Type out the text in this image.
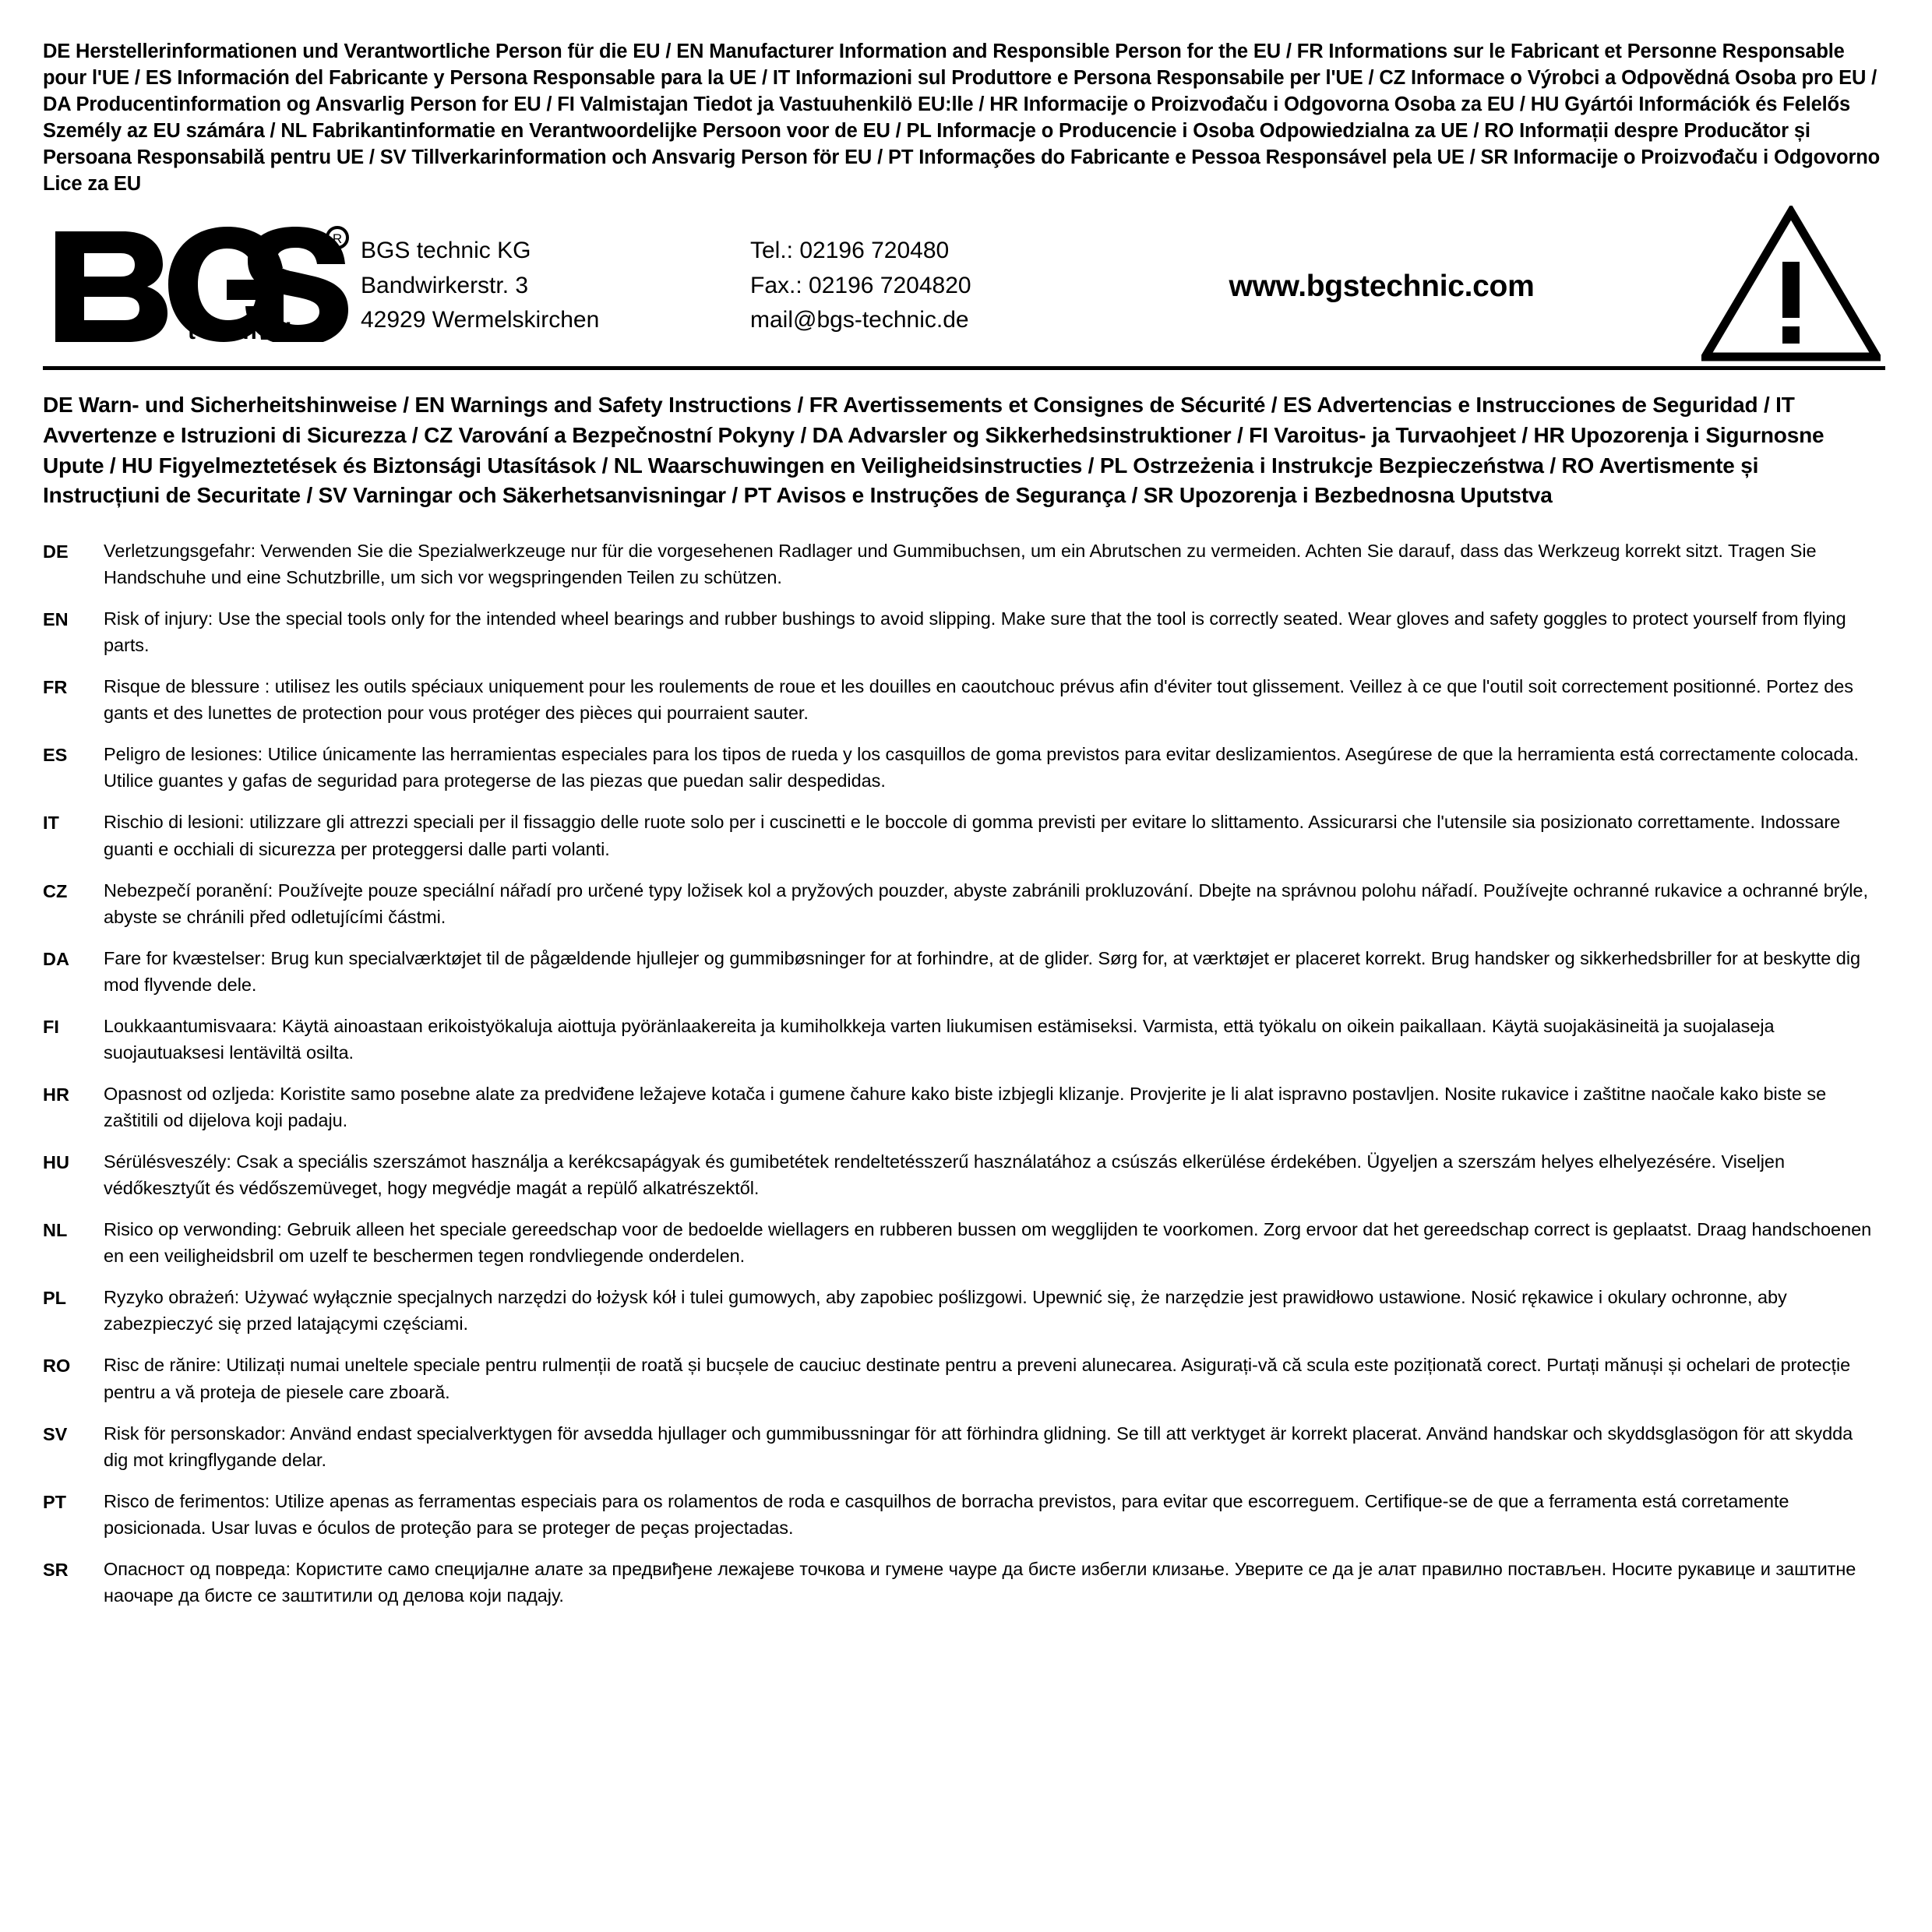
DE Herstellerinformationen und Verantwortliche Person für die EU / EN Manufacturer Information and Responsible Person for the EU / FR Informations sur le Fabricant et Personne Responsable pour l'UE / ES Información del Fabricante y Persona Responsable para la UE / IT Informazioni sul Produttore e Persona Responsabile per l'UE / CZ Informace o Výrobci a Odpovědná Osoba pro EU / DA Producentinformation og Ansvarlig Person for EU / FI Valmistajan Tiedot ja Vastuuhenkilö EU:lle / HR Informacije o Proizvođaču i Odgovorna Osoba za EU / HU Gyártói Információk és Felelős Személy az EU számára / NL Fabrikantinformatie en Verantwoordelijke Persoon voor de EU / PL Informacje o Producencie i Osoba Odpowiedzialna za UE / RO Informații despre Producător și Persoana Responsabilă pentru UE / SV Tillverkarinformation och Ansvarig Person för EU / PT Informações do Fabricante e Pessoa Responsável pela UE / SR Informacije o Proizvođaču i Odgovorno Lice za EU
R
technic
BGS technic KG
Bandwirkerstr. 3
42929 Wermelskirchen
Tel.: 02196 720480
Fax.: 02196 7204820
mail@bgs-technic.de
www.bgstechnic.com
DE Warn- und Sicherheitshinweise / EN Warnings and Safety Instructions / FR Avertissements et Consignes de Sécurité / ES Advertencias e Instrucciones de Seguridad / IT Avvertenze e Istruzioni di Sicurezza / CZ Varování a Bezpečnostní Pokyny / DA Advarsler og Sikkerhedsinstruktioner / FI Varoitus- ja Turvaohjeet / HR Upozorenja i Sigurnosne Upute / HU Figyelmeztetések és Biztonsági Utasítások / NL Waarschuwingen en Veiligheidsinstructies / PL Ostrzeżenia i Instrukcje Bezpieczeństwa / RO Avertismente și Instrucțiuni de Securitate / SV Varningar och Säkerhetsanvisningar / PT Avisos e Instruções de Segurança / SR Upozorenja i Bezbednosna Uputstva
DE	Verletzungsgefahr: Verwenden Sie die Spezialwerkzeuge nur für die vorgesehenen Radlager und Gummibuchsen, um ein Abrutschen zu vermeiden. Achten Sie darauf, dass das Werkzeug korrekt sitzt. Tragen Sie Handschuhe und eine Schutzbrille, um sich vor wegspringenden Teilen zu schützen.
EN	Risk of injury: Use the special tools only for the intended wheel bearings and rubber bushings to avoid slipping. Make sure that the tool is correctly seated. Wear gloves and safety goggles to protect yourself from flying parts.
FR	Risque de blessure : utilisez les outils spéciaux uniquement pour les roulements de roue et les douilles en caoutchouc prévus afin d'éviter tout glissement. Veillez à ce que l'outil soit correctement positionné. Portez des gants et des lunettes de protection pour vous protéger des pièces qui pourraient sauter.
ES	Peligro de lesiones: Utilice únicamente las herramientas especiales para los tipos de rueda y los casquillos de goma previstos para evitar deslizamientos. Asegúrese de que la herramienta está correctamente colocada. Utilice guantes y gafas de seguridad para protegerse de las piezas que puedan salir despedidas.
IT	Rischio di lesioni: utilizzare gli attrezzi speciali per il fissaggio delle ruote solo per i cuscinetti e le boccole di gomma previsti per evitare lo slittamento. Assicurarsi che l'utensile sia posizionato correttamente. Indossare guanti e occhiali di sicurezza per proteggersi dalle parti volanti.
CZ	Nebezpečí poranění: Používejte pouze speciální nářadí pro určené typy ložisek kol a pryžových pouzder, abyste zabránili prokluzování. Dbejte na správnou polohu nářadí. Používejte ochranné rukavice a ochranné brýle, abyste se chránili před odletujícími částmi.
DA	Fare for kvæstelser: Brug kun specialværktøjet til de pågældende hjullejer og gummibøsninger for at forhindre, at de glider. Sørg for, at værktøjet er placeret korrekt. Brug handsker og sikkerhedsbriller for at beskytte dig mod flyvende dele.
FI	Loukkaantumisvaara: Käytä ainoastaan erikoistyökaluja aiottuja pyöränlaakereita ja kumiholkkeja varten liukumisen estämiseksi. Varmista, että työkalu on oikein paikallaan. Käytä suojakäsineitä ja suojalaseja suojautuaksesi lentäviltä osilta.
HR	Opasnost od ozljeda: Koristite samo posebne alate za predviđene ležajeve kotača i gumene čahure kako biste izbjegli klizanje. Provjerite je li alat ispravno postavljen. Nosite rukavice i zaštitne naočale kako biste se zaštitili od dijelova koji padaju.
HU	Sérülésveszély: Csak a speciális szerszámot használja a kerékcsapágyak és gumibetétek rendeltetésszerű használatához a csúszás elkerülése érdekében. Ügyeljen a szerszám helyes elhelyezésére. Viseljen védőkesztyűt és védőszemüveget, hogy megvédje magát a repülő alkatrészektől.
NL	Risico op verwonding: Gebruik alleen het speciale gereedschap voor de bedoelde wiellagers en rubberen bussen om wegglijden te voorkomen. Zorg ervoor dat het gereedschap correct is geplaatst. Draag handschoenen en een veiligheidsbril om uzelf te beschermen tegen rondvliegende onderdelen.
PL	Ryzyko obrażeń: Używać wyłącznie specjalnych narzędzi do łożysk kół i tulei gumowych, aby zapobiec poślizgowi. Upewnić się, że narzędzie jest prawidłowo ustawione. Nosić rękawice i okulary ochronne, aby zabezpieczyć się przed latającymi częściami.
RO	Risc de rănire: Utilizați numai uneltele speciale pentru rulmenții de roată și bucșele de cauciuc destinate pentru a preveni alunecarea. Asigurați-vă că scula este poziționată corect. Purtați mănuși și ochelari de protecție pentru a vă proteja de piesele care zboară.
SV	Risk för personskador: Använd endast specialverktygen för avsedda hjullager och gummibussningar för att förhindra glidning. Se till att verktyget är korrekt placerat. Använd handskar och skyddsglasögon för att skydda dig mot kringflygande delar.
PT	Risco de ferimentos: Utilize apenas as ferramentas especiais para os rolamentos de roda e casquilhos de borracha previstos, para evitar que escorreguem. Certifique-se de que a ferramenta está corretamente posicionada. Usar luvas e óculos de proteção para se proteger de peças projectadas.
SR	Опасност од повреда: Користите само специјалне алате за предвиђене лежајеве точкова и гумене чауре да бисте избегли клизање. Уверите се да је алат правилно постављен. Носите рукавице и заштитне наочаре да бисте се заштитили од делова који падају.
